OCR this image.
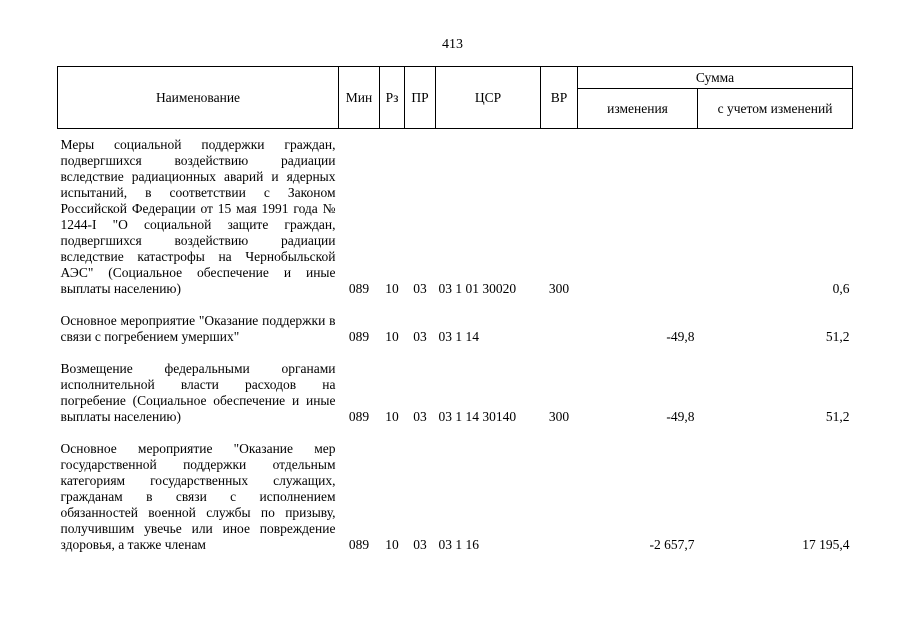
413
Наименование	Мин	Рз	ПР	ЦСР	ВР	Сумма	
						изменения	с учетом изменений
Меры социальной поддержки граждан, подвергшихся воздействию радиации вследствие радиационных аварий и ядерных испытаний, в соответствии с Законом Российской Федерации от 15 мая 1991 года № 1244-I "О социальной защите граждан, подвергшихся воздействию радиации вследствие катастрофы на Чернобыльской АЭС" (Социальное обеспечение и иные выплаты населению)	089	10	03	03 1 01 30020	300		0,6
Основное мероприятие "Оказание поддержки в связи с погребением умерших"	089	10	03	03 1 14		-49,8	51,2
Возмещение федеральными органами исполнительной власти расходов на погребение (Социальное обеспечение и иные выплаты населению)	089	10	03	03 1 14 30140	300	-49,8	51,2
Основное мероприятие "Оказание мер государственной поддержки отдельным категориям государственных служащих, гражданам в связи с исполнением обязанностей военной службы по призыву, получившим увечье или иное повреждение здоровья, а также членам	089	10	03	03 1 16		-2 657,7	17 195,4
